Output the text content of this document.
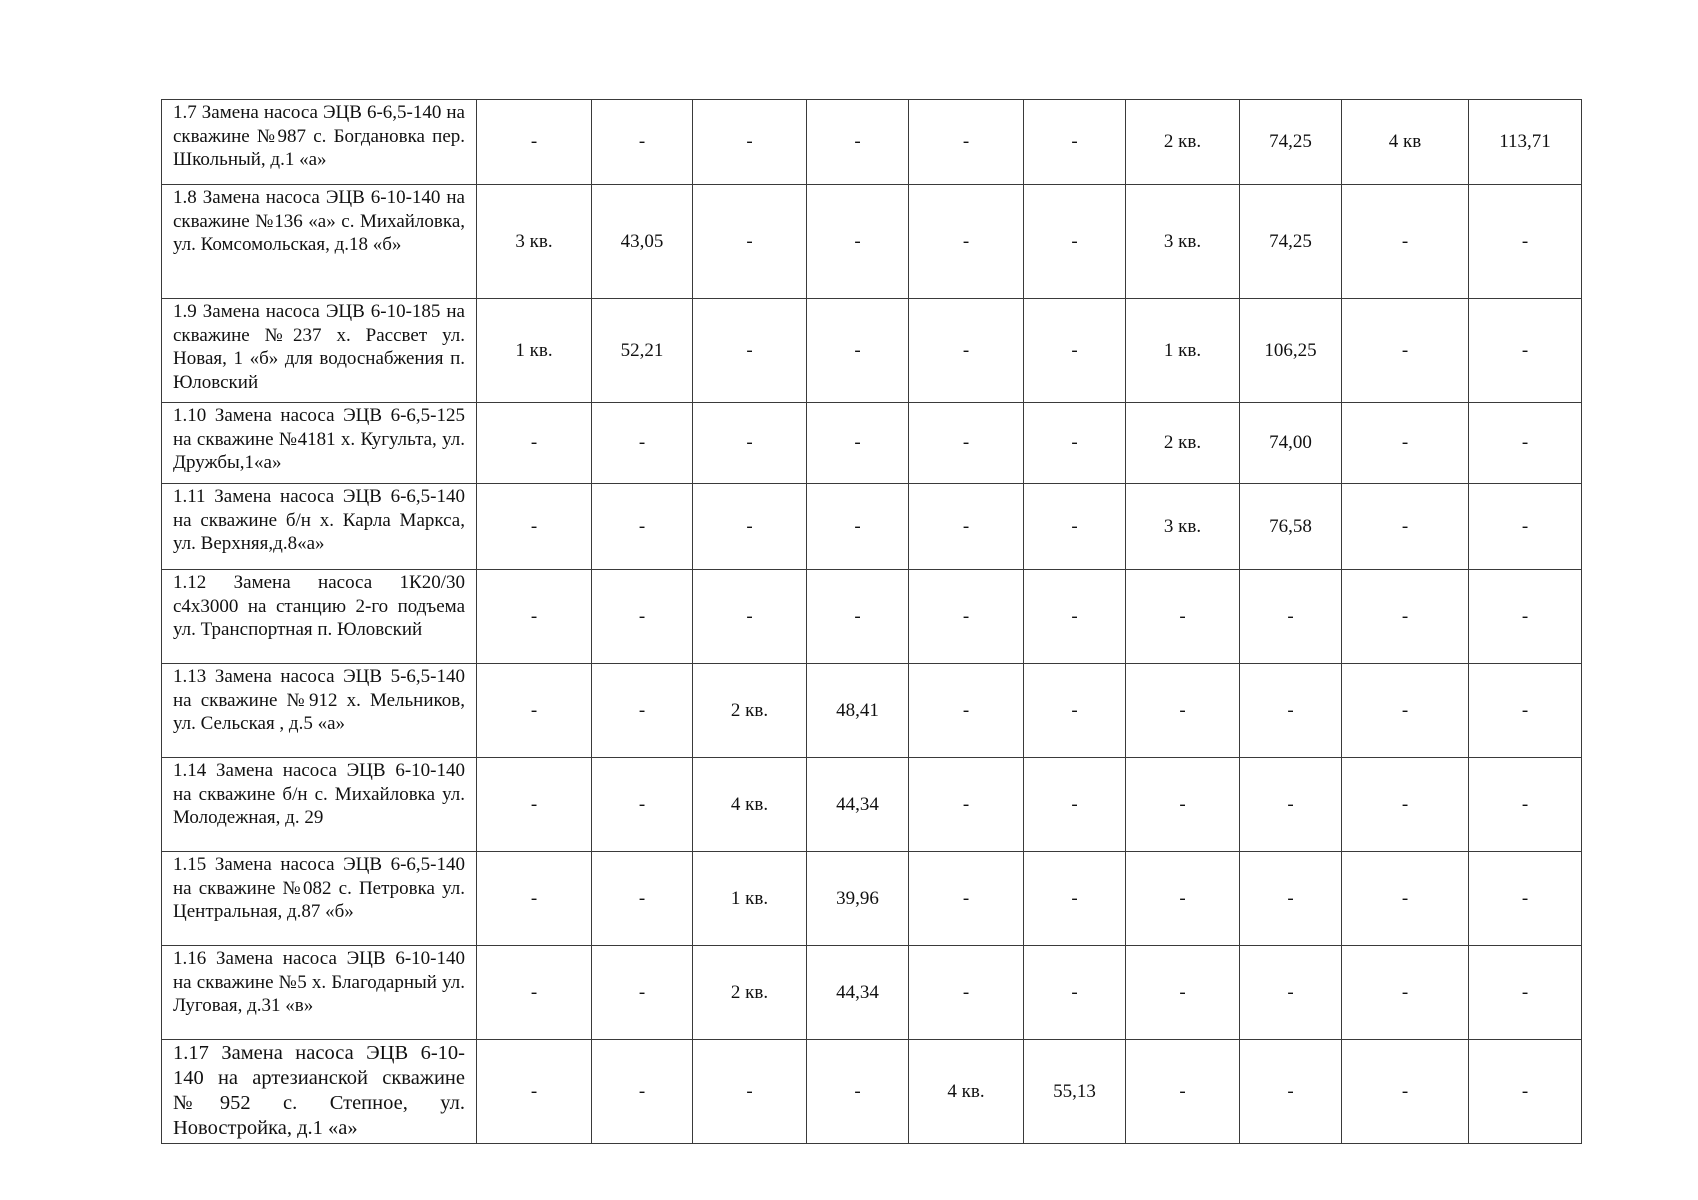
1.7 Замена насоса ЭЦВ 6-6,5-140 на скважине №987 с. Богдановка пер. Школьный, д.1 «а»	-	-	-	-	-	-	2 кв.	74,25	4 кв	113,71
1.8 Замена насоса ЭЦВ 6-10-140 на скважине №136 «а» с. Михайловка, ул. Комсомольская, д.18 «б»	3 кв.	43,05	-	-	-	-	3 кв.	74,25	-	-
1.9 Замена насоса ЭЦВ 6-10-185 на скважине №237 х. Рассвет ул. Новая, 1 «б» для водоснабжения п. Юловский	1 кв.	52,21	-	-	-	-	1 кв.	106,25	-	-
1.10 Замена насоса ЭЦВ 6-6,5-125 на скважине №4181 х. Кугульта, ул. Дружбы,1«а»	-	-	-	-	-	-	2 кв.	74,00	-	-
1.11 Замена насоса ЭЦВ 6-6,5-140 на скважине б/н х. Карла Маркса, ул. Верхняя,д.8«а»	-	-	-	-	-	-	3 кв.	76,58	-	-
1.12 Замена насоса 1К20/30 с4х3000 на станцию 2-го подъема ул. Транспортная п. Юловский	-	-	-	-	-	-	-	-	-	-
1.13 Замена насоса ЭЦВ 5-6,5-140 на скважине №912 х. Мельников, ул. Сельская , д.5 «а»	-	-	2 кв.	48,41	-	-	-	-	-	-
1.14 Замена насоса ЭЦВ 6-10-140 на скважине б/н с. Михайловка ул. Молодежная, д. 29	-	-	4 кв.	44,34	-	-	-	-	-	-
1.15 Замена насоса ЭЦВ 6-6,5-140 на скважине №082 с. Петровка ул. Центральная, д.87 «б»	-	-	1 кв.	39,96	-	-	-	-	-	-
1.16 Замена насоса ЭЦВ 6-10-140 на скважине №5 х. Благодарный ул. Луговая, д.31 «в»	-	-	2 кв.	44,34	-	-	-	-	-	-
1.17 Замена насоса ЭЦВ 6-10-140 на артезианской скважине №952 с. Степное, ул. Новостройка, д.1 «а»	-	-	-	-	4 кв.	55,13	-	-	-	-
